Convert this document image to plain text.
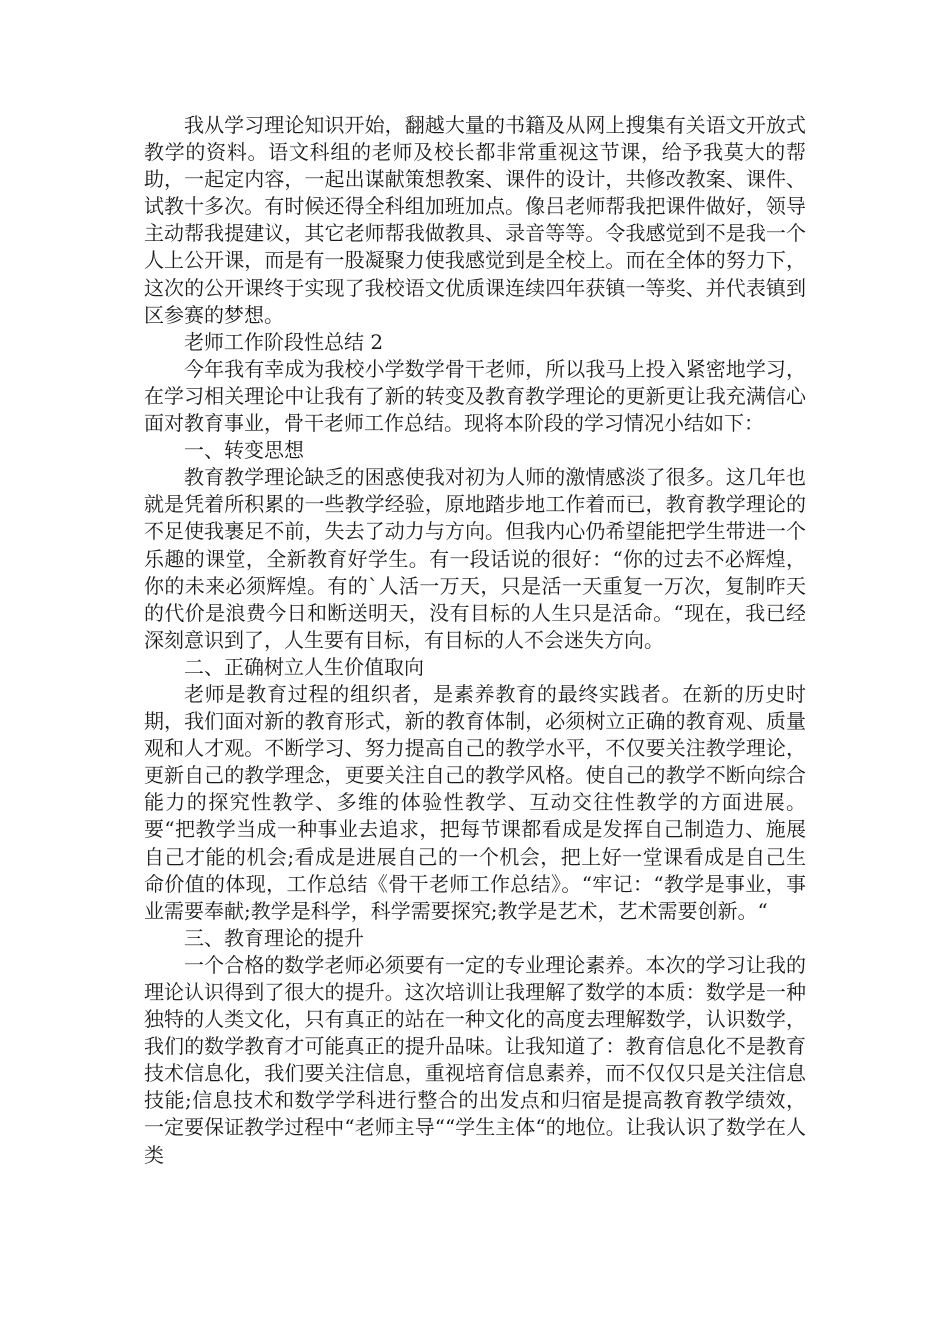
我从学习理论知识开始，翻越大量的书籍及从网上搜集有关语文开放式教学的资料。语文科组的老师及校长都非常重视这节课，给予我莫大的帮助，一起定内容，一起出谋献策想教案、课件的设计，共修改教案、课件、试教十多次。有时候还得全科组加班加点。像吕老师帮我把课件做好，领导主动帮我提建议，其它老师帮我做教具、录音等等。令我感觉到不是我一个人上公开课，而是有一股凝聚力使我感觉到是全校上。而在全体的努力下，这次的公开课终于实现了我校语文优质课连续四年获镇一等奖、并代表镇到区参赛的梦想。

老师工作阶段性总结 2

今年我有幸成为我校小学数学骨干老师，所以我马上投入紧密地学习，在学习相关理论中让我有了新的转变及教育教学理论的更新更让我充满信心面对教育事业，骨干老师工作总结。现将本阶段的学习情况小结如下：

一、转变思想

教育教学理论缺乏的困惑使我对初为人师的激情感淡了很多。这几年也就是凭着所积累的一些教学经验，原地踏步地工作着而已，教育教学理论的不足使我裹足不前，失去了动力与方向。但我内心仍希望能把学生带进一个乐趣的课堂，全新教育好学生。有一段话说的很好：“你的过去不必辉煌，你的未来必须辉煌。有的`人活一万天，只是活一天重复一万次，复制昨天的代价是浪费今日和断送明天，没有目标的人生只是活命。“现在，我已经深刻意识到了，人生要有目标，有目标的人不会迷失方向。

二、正确树立人生价值取向

老师是教育过程的组织者，是素养教育的最终实践者。在新的历史时期，我们面对新的教育形式，新的教育体制，必须树立正确的教育观、质量观和人才观。不断学习、努力提高自己的教学水平，不仅要关注教学理论，更新自己的教学理念，更要关注自己的教学风格。使自己的教学不断向综合能力的探究性教学、多维的体验性教学、互动交往性教学的方面进展。要“把教学当成一种事业去追求，把每节课都看成是发挥自己制造力、施展自己才能的机会;看成是进展自己的一个机会，把上好一堂课看成是自己生命价值的体现，工作总结《骨干老师工作总结》。“牢记：“教学是事业，事业需要奉献;教学是科学，科学需要探究;教学是艺术，艺术需要创新。“

三、教育理论的提升

一个合格的数学老师必须要有一定的专业理论素养。本次的学习让我的理论认识得到了很大的提升。这次培训让我理解了数学的本质：数学是一种独特的人类文化，只有真正的站在一种文化的高度去理解数学，认识数学，我们的数学教育才可能真正的提升品味。让我知道了：教育信息化不是教育技术信息化，我们要关注信息，重视培育信息素养，而不仅仅只是关注信息技能;信息技术和数学学科进行整合的出发点和归宿是提高教育教学绩效，一定要保证教学过程中“老师主导““学生主体“的地位。让我认识了数学在人类
